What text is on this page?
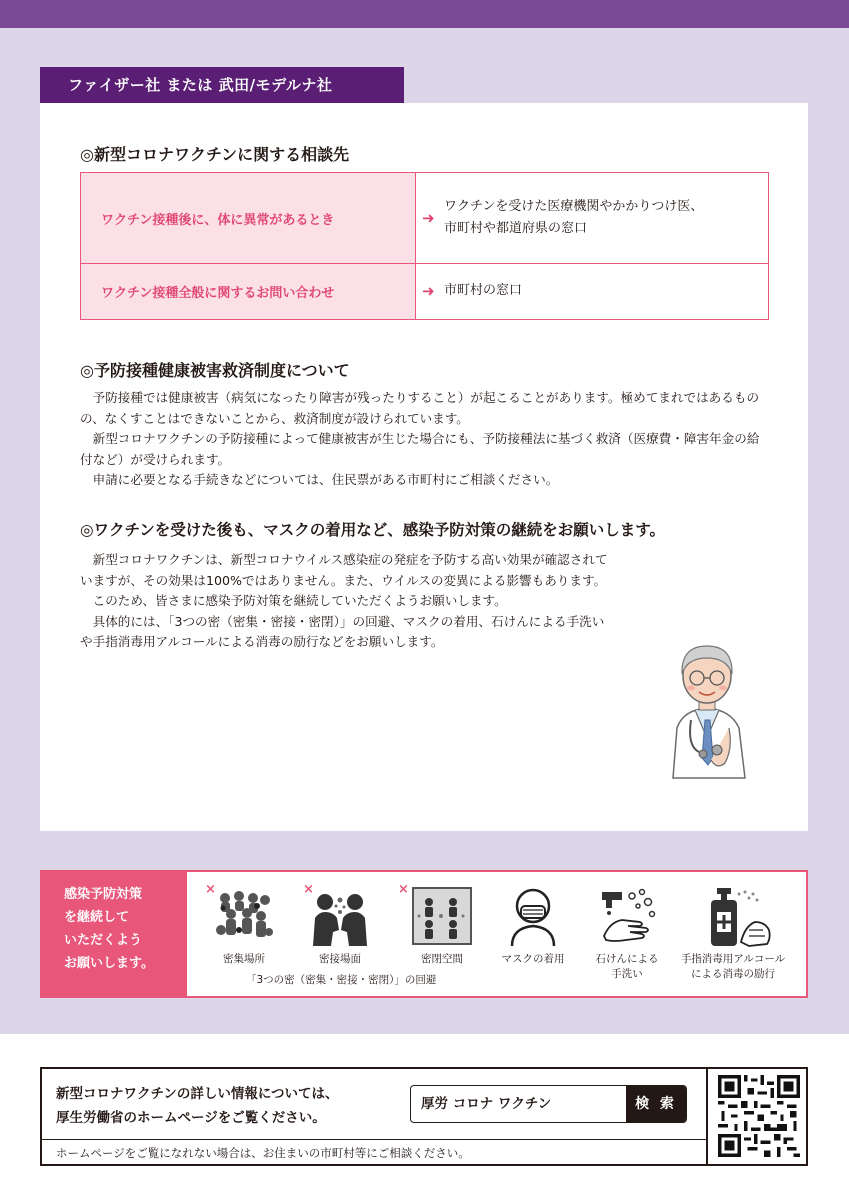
ファイザー社 または 武田/モデルナ社
◎新型コロナワクチンに関する相談先
ワクチン接種後に、体に異常があるとき	➜ワクチンを受けた医療機関やかかりつけ医、
市町村や都道府県の窓口
ワクチン接種全般に関するお問い合わせ	➜ 市町村の窓口
◎予防接種健康被害救済制度について

予防接種では健康被害（病気になったり障害が残ったりすること）が起こることがあります。極めてまれではあるものの、なくすことはできないことから、救済制度が設けられています。

新型コロナワクチンの予防接種によって健康被害が生じた場合にも、予防接種法に基づく救済（医療費・障害年金の給付など）が受けられます。

申請に必要となる手続きなどについては、住民票がある市町村にご相談ください。

◎ワクチンを受けた後も、マスクの着用など、感染予防対策の継続をお願いします。

新型コロナワクチンは、新型コロナウイルス感染症の発症を予防する高い効果が確認されていますが、その効果は100%ではありません。また、ウイルスの変異による影響もあります。

このため、皆さまに感染予防対策を継続していただくようお願いします。

具体的には、「3つの密（密集・密接・密閉）」の回避、マスクの着用、石けんによる手洗いや手指消毒用アルコールによる消毒の励行などをお願いします。

感染予防対策
を継続して
いただくよう
お願いします。
×	×	×
密集場所	密接場面	密閉空間	マスクの着用	石けんによる
手洗い
手指消毒用アルコール
による消毒の励行
「3つの密（密集・密接・密閉）」の回避
新型コロナワクチンの詳しい情報については、
厚生労働省のホームページをご覧ください。
厚労 コロナ ワクチン	検 索
ホームページをご覧になれない場合は、お住まいの市町村等にご相談ください。
